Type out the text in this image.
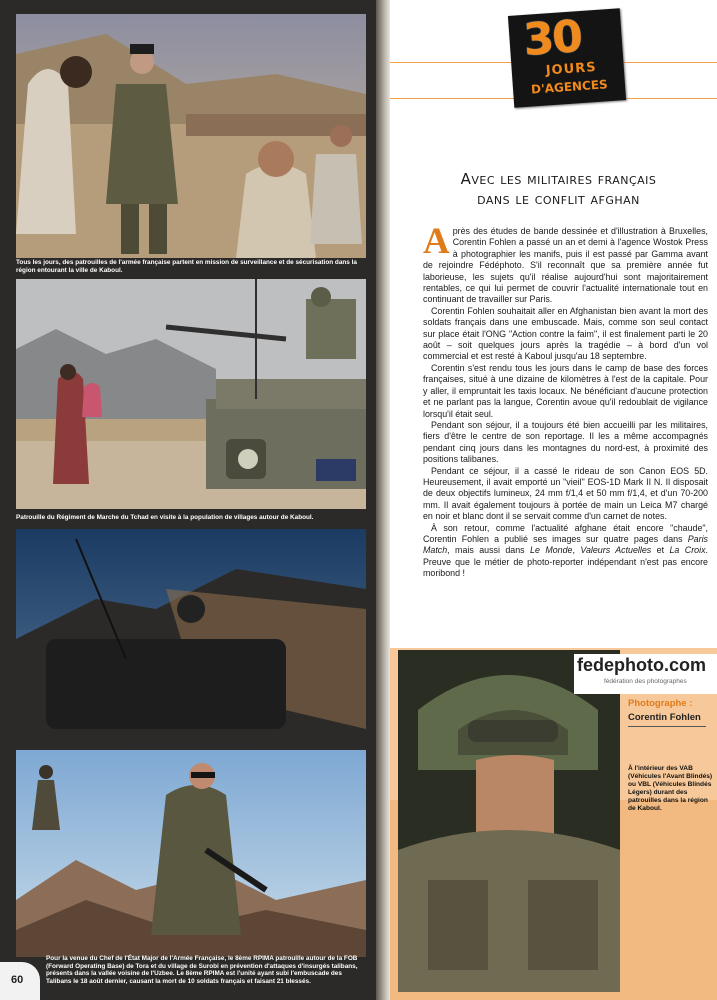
Tous les jours, des patrouilles de l'armée française partent en mission de surveillance et de sécurisation dans la région entourant la ville de Kaboul.
Patrouille du Régiment de Marche du Tchad en visite à la population de villages autour de Kaboul.
Pour la venue du Chef de l'État Major de l'Armée Française, le 8ème RPIMA patrouille autour de la FOB (Forward Operating Base) de Tora et du village de Surobi en prévention d'attaques d'insurgés talibans, présents dans la vallée voisine de l'Uzbee. Le 8ème RPIMA est l'unité ayant subi l'embuscade des Talibans le 18 août dernier, causant la mort de 10 soldats français et faisant 21 blessés.
60
30
JOURS
D'AGENCES
Avec les militaires français
dans le conflit afghan

Après des études de bande dessinée et d'illustration à Bruxelles, Corentin Fohlen a passé un an et demi à l'agence Wostok Press à photographier les manifs, puis il est passé par Gamma avant de rejoindre Fédéphoto. S'il reconnaît que sa première année fut laborieuse, les sujets qu'il réalise aujourd'hui sont majoritairement rentables, ce qui lui permet de couvrir l'actualité internationale tout en continuant de travailler sur Paris.

Corentin Fohlen souhaitait aller en Afghanistan bien avant la mort des soldats français dans une embuscade. Mais, comme son seul contact sur place était l'ONG "Action contre la faim", il est finalement parti le 20 août – soit quelques jours après la tragédie – à bord d'un vol commercial et est resté à Kaboul jusqu'au 18 septembre.

Corentin s'est rendu tous les jours dans le camp de base des forces françaises, situé à une dizaine de kilomètres à l'est de la capitale. Pour y aller, il empruntait les taxis locaux. Ne bénéficiant d'aucune protection et ne parlant pas la langue, Corentin avoue qu'il redoublait de vigilance lorsqu'il était seul.

Pendant son séjour, il a toujours été bien accueilli par les militaires, fiers d'être le centre de son reportage. Il les a même accompagnés pendant cinq jours dans les montagnes du nord-est, à proximité des positions talibanes.

Pendant ce séjour, il a cassé le rideau de son Canon EOS 5D. Heureusement, il avait emporté un "vieil" EOS-1D Mark II N. Il disposait de deux objectifs lumineux, 24 mm f/1,4 et 50 mm f/1,4, et d'un 70-200 mm. Il avait également toujours à portée de main un Leica M7 chargé en noir et blanc dont il se servait comme d'un carnet de notes.

À son retour, comme l'actualité afghane était encore "chaude", Corentin Fohlen a publié ses images sur quatre pages dans Paris Match, mais aussi dans Le Monde, Valeurs Actuelles et La Croix. Preuve que le métier de photo-reporter indépendant n'est pas encore moribond !

fedephoto.com
fédération des photographes
Photographe :
Corentin Fohlen
À l'intérieur des VAB (Véhicules l'Avant Blindés) ou VBL (Véhicules Blindés Légers) durant des patrouilles dans la région de Kaboul.
